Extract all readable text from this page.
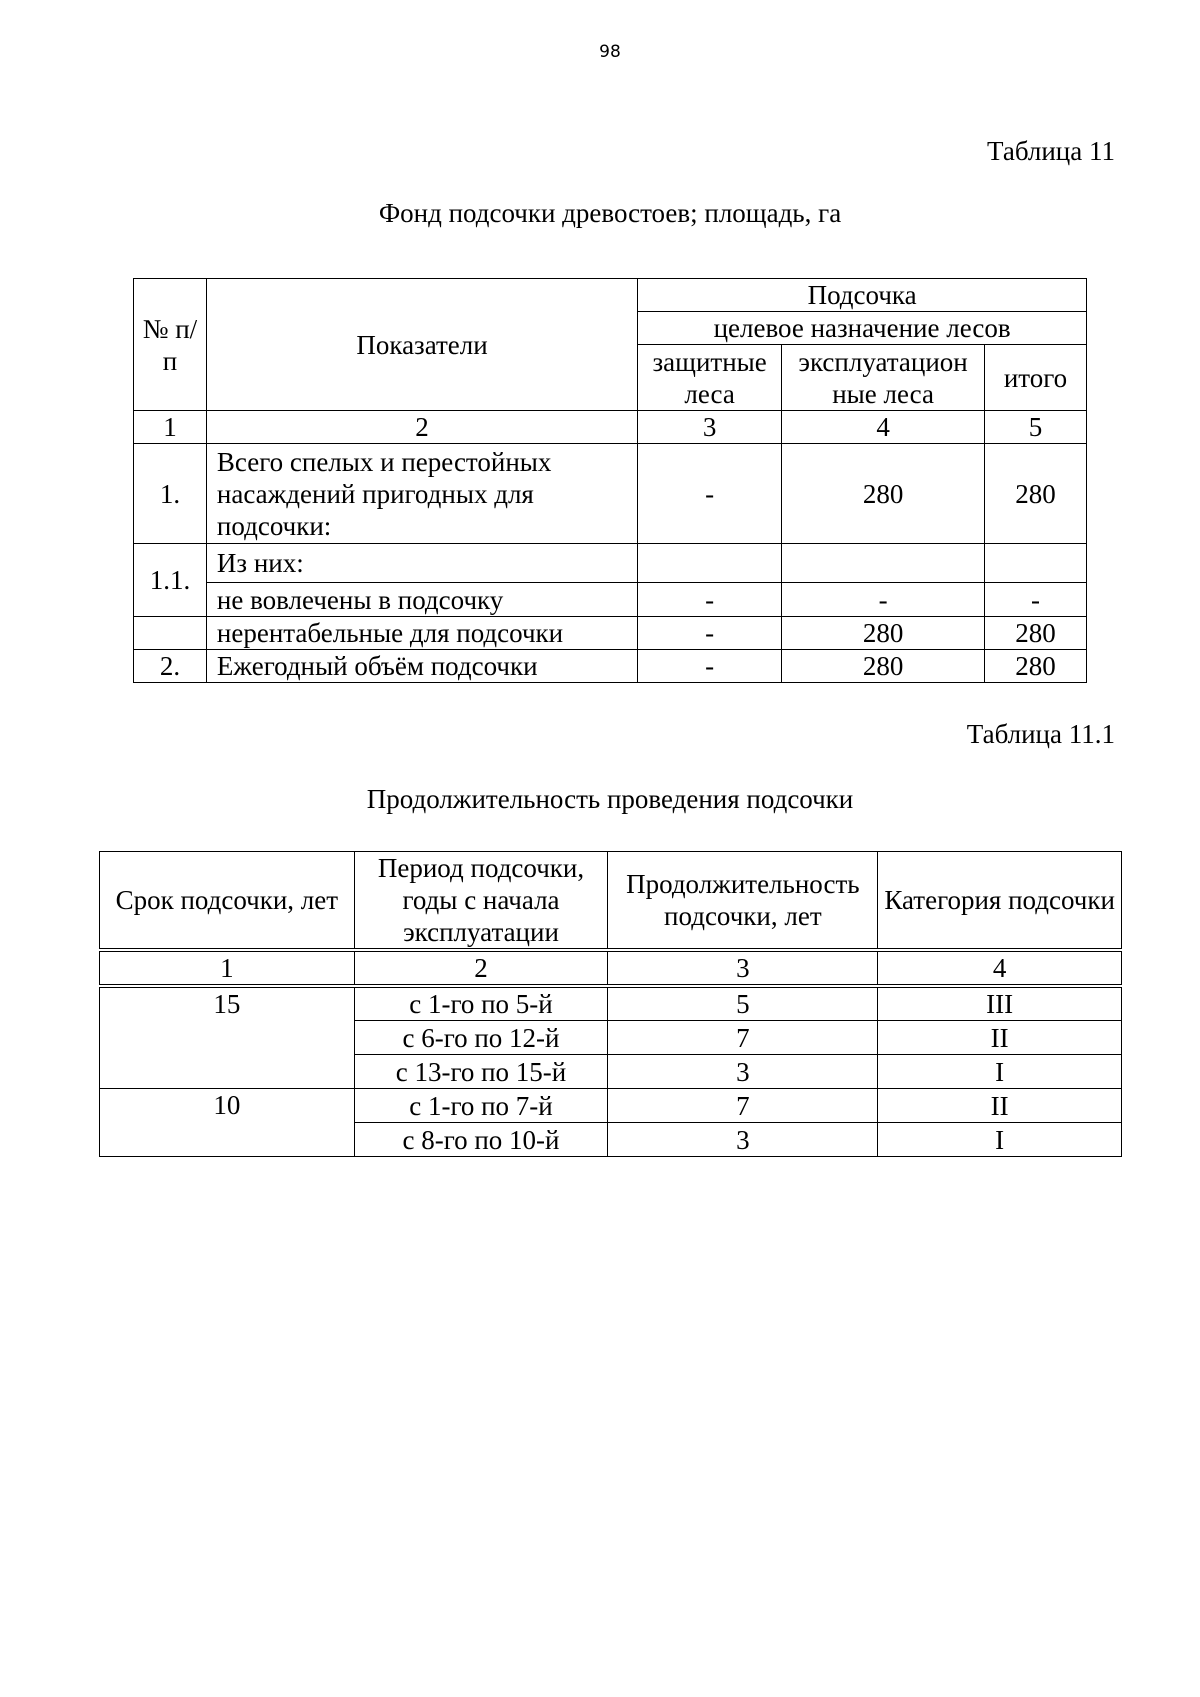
98
Таблица 11
Фонд подсочки древостоев; площадь, га
№ п/п	Показатели	Подсочка		
		целевое назначение лесов		
		защитные леса	эксплуатацион ные леса	итого
1	2	3	4	5
1.	Всего спелых и перестойных насаждений пригодных для подсочки:	-	280	280
1.1.	Из них:			
	не вовлечены в подсочку	-	-	-
	нерентабельные для подсочки	-	280	280
2.	Ежегодный объём подсочки	-	280	280
Таблица 11.1
Продолжительность проведения подсочки
Срок подсочки, лет	Период подсочки, годы с начала эксплуатации	Продолжительность подсочки, лет	Категория подсочки
1	2	3	4
15	с 1-го по 5-й	5	III
	с 6-го по 12-й	7	II
	с 13-го по 15-й	3	I
10	с 1-го по 7-й	7	II
	с 8-го по 10-й	3	I
